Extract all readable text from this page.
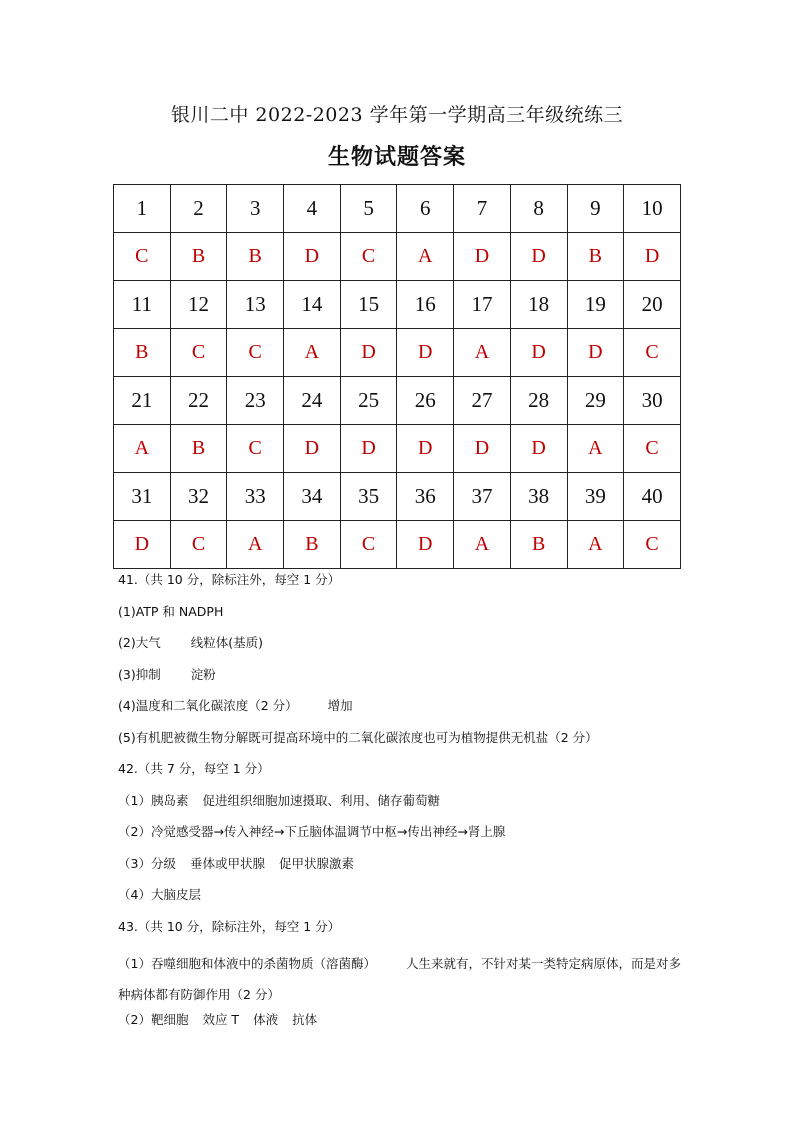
银川二中 2022-2023 学年第一学期高三年级统练三
生物试题答案
1	2	3	4	5	6	7	8	9	10
C	B	B	D	C	A	D	D	B	D
11	12	13	14	15	16	17	18	19	20
B	C	C	A	D	D	A	D	D	C
21	22	23	24	25	26	27	28	29	30
A	B	C	D	D	D	D	D	A	C
31	32	33	34	35	36	37	38	39	40
D	C	A	B	C	D	A	B	A	C
41.（共 10 分，除标注外，每空 1 分）
(1)ATP 和 NADPH
(2)大气 线粒体(基质)
(3)抑制 淀粉
(4)温度和二氧化碳浓度（2 分） 增加
(5)有机肥被微生物分解既可提高环境中的二氧化碳浓度也可为植物提供无机盐（2 分）
42.（共 7 分，每空 1 分）
（1）胰岛素 促进组织细胞加速摄取、利用、储存葡萄糖
（2）冷觉感受器→传入神经→下丘脑体温调节中枢→传出神经→肾上腺
（3）分级 垂体或甲状腺 促甲状腺激素
（4）大脑皮层
43.（共 10 分，除标注外，每空 1 分）
（1）吞噬细胞和体液中的杀菌物质（溶菌酶） 人生来就有，不针对某一类特定病原体，而是对多种病体都有防御作用（2 分）
（2）靶细胞 效应 T 体液 抗体
